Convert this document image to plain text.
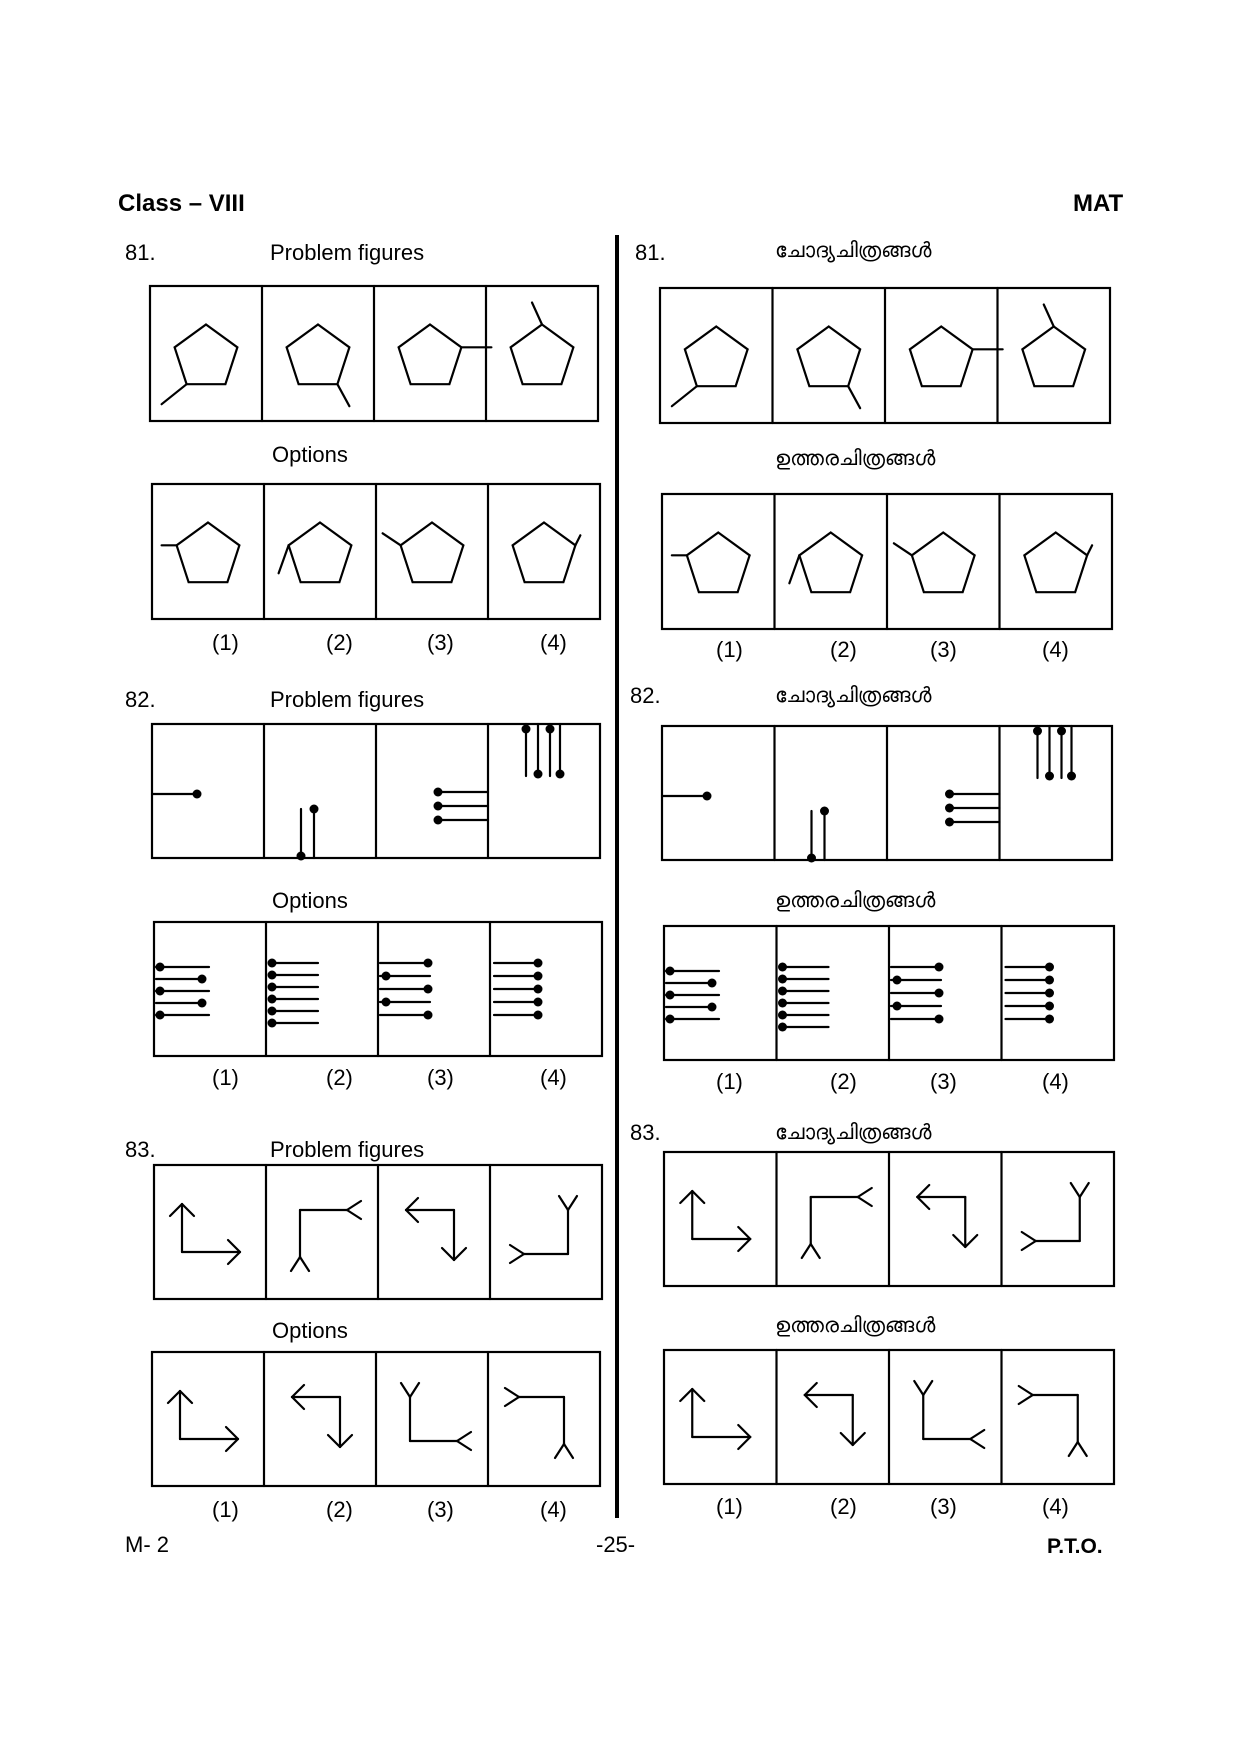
Class – VIII	MAT
81.	Problem figures
Options
(1)	(2)	(3)	(4)
82.	Problem figures
Options
(1)	(2)	(3)	(4)
83.	Problem figures
Options
(1)	(2)	(3)	(4)
81.	ചോദ്യചിത്രങ്ങൾ
ഉത്തരചിത്രങ്ങൾ
(1)	(2)	(3)	(4)
82.	ചോദ്യചിത്രങ്ങൾ
ഉത്തരചിത്രങ്ങൾ
(1)	(2)	(3)	(4)
83.	ചോദ്യചിത്രങ്ങൾ
ഉത്തരചിത്രങ്ങൾ
(1)	(2)	(3)	(4)
M- 2	-25-	P.T.O.
